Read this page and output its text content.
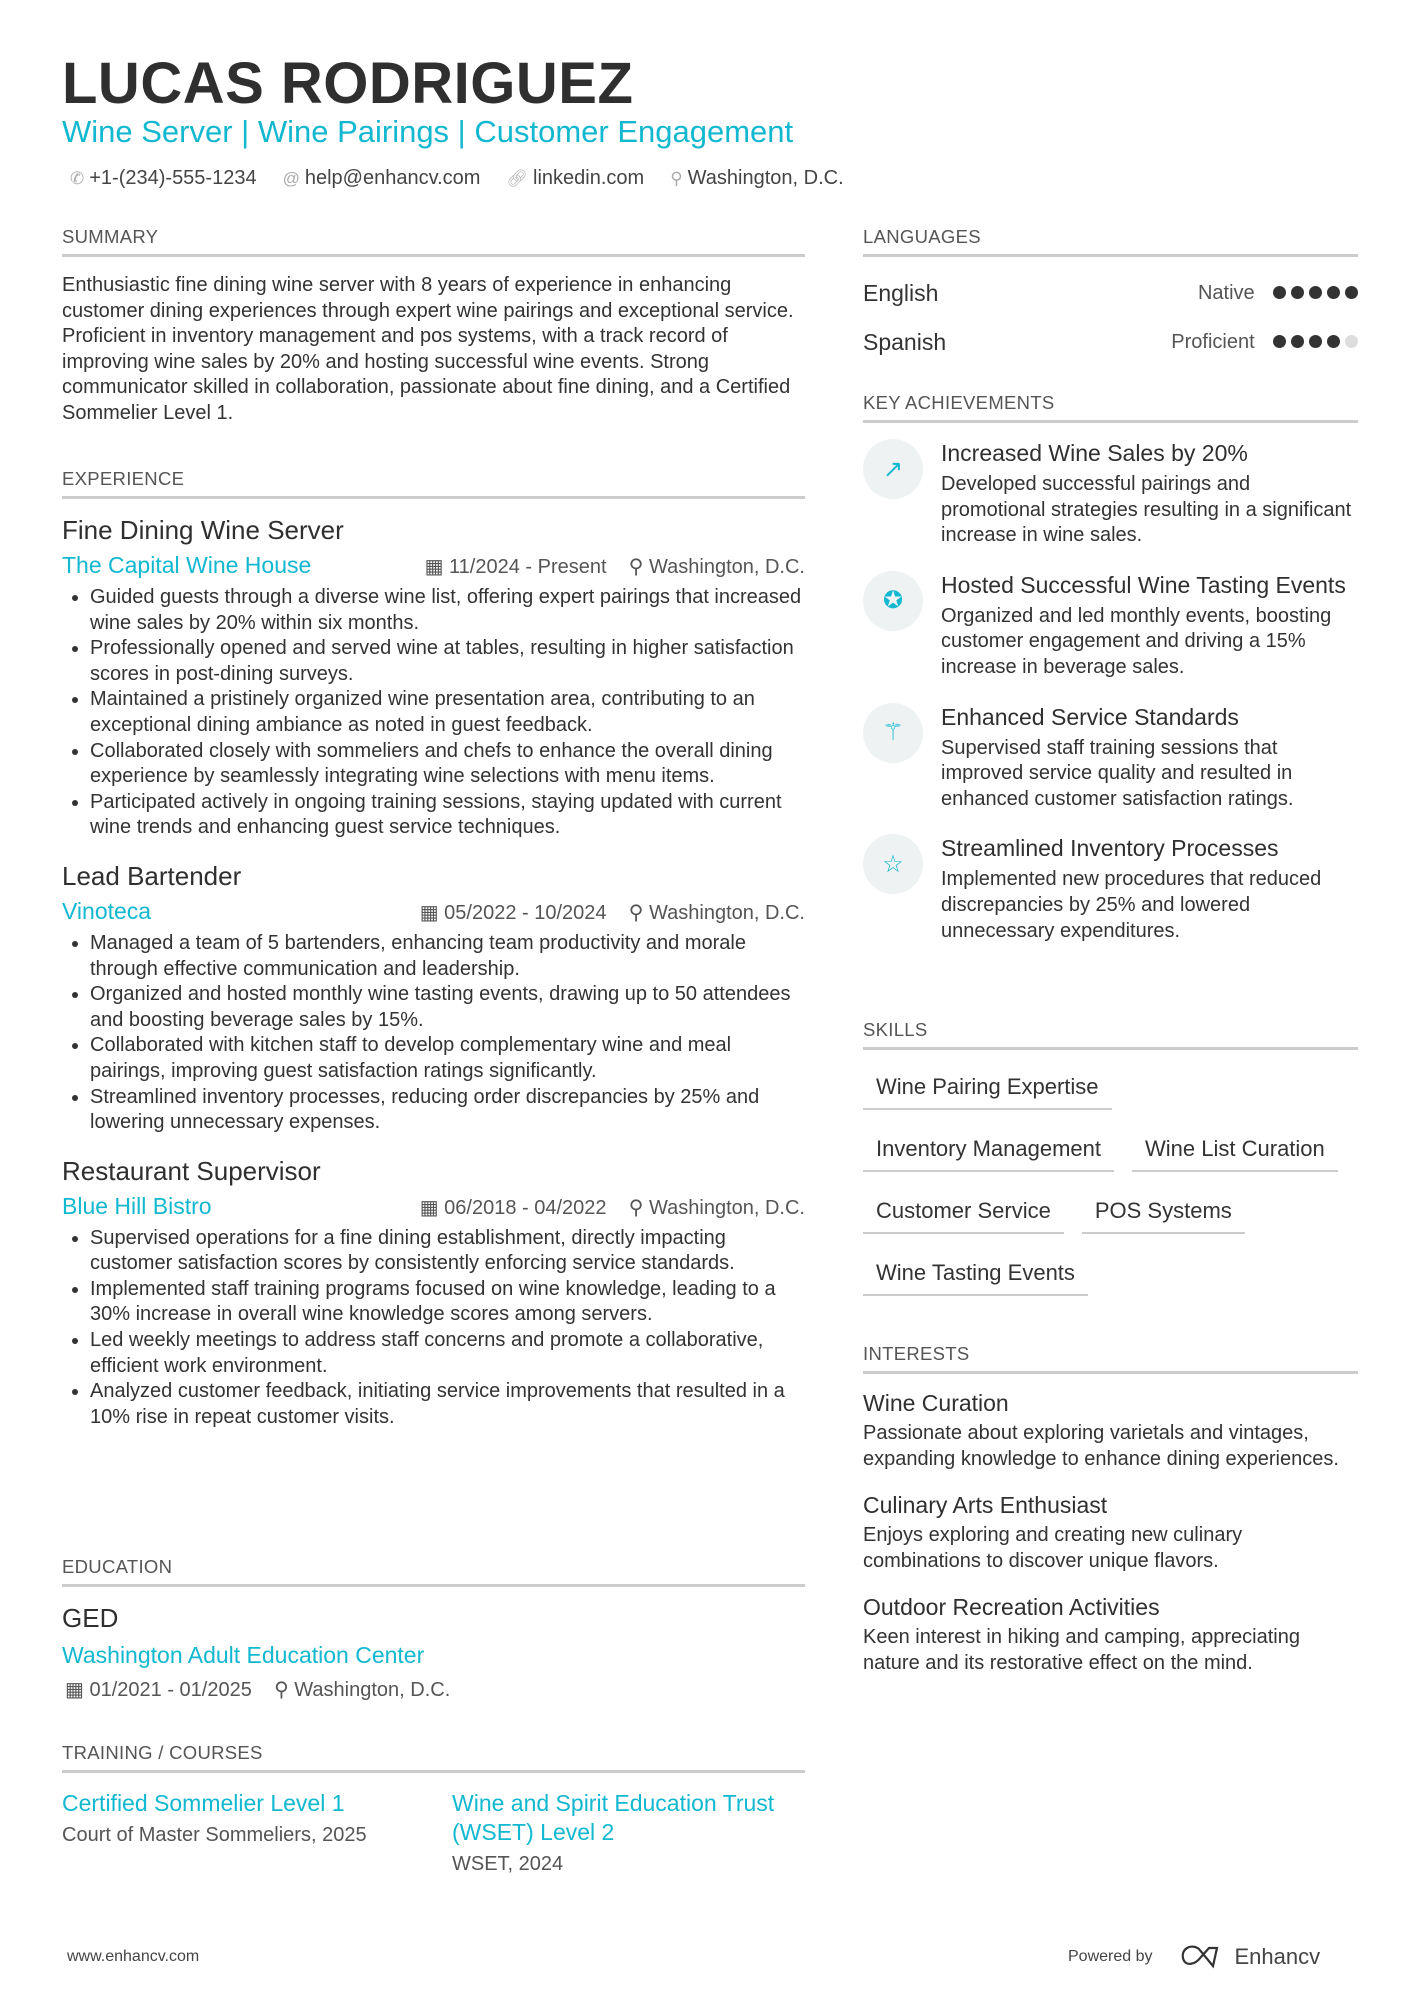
LUCAS RODRIGUEZ
Wine Server | Wine Pairings | Customer Engagement
✆ +1-(234)-555-1234 @ help@enhancv.com 🔗︎ linkedin.com ⚲ Washington, D.C.
SUMMARY
Enthusiastic fine dining wine server with 8 years of experience in enhancing customer dining experiences through expert wine pairings and exceptional service. Proficient in inventory management and pos systems, with a track record of improving wine sales by 20% and hosting successful wine events. Strong communicator skilled in collaboration, passionate about fine dining, and a Certified Sommelier Level 1.
EXPERIENCE
Fine Dining Wine Server
The Capital Wine House	▦ 11/2024 - Present ⚲ Washington, D.C.
• Guided guests through a diverse wine list, offering expert pairings that increased wine sales by 20% within six months.
• Professionally opened and served wine at tables, resulting in higher satisfaction scores in post-dining surveys.
• Maintained a pristinely organized wine presentation area, contributing to an exceptional dining ambiance as noted in guest feedback.
• Collaborated closely with sommeliers and chefs to enhance the overall dining experience by seamlessly integrating wine selections with menu items.
• Participated actively in ongoing training sessions, staying updated with current wine trends and enhancing guest service techniques.
Lead Bartender
Vinoteca	▦ 05/2022 - 10/2024 ⚲ Washington, D.C.
• Managed a team of 5 bartenders, enhancing team productivity and morale through effective communication and leadership.
• Organized and hosted monthly wine tasting events, drawing up to 50 attendees and boosting beverage sales by 15%.
• Collaborated with kitchen staff to develop complementary wine and meal pairings, improving guest satisfaction ratings significantly.
• Streamlined inventory processes, reducing order discrepancies by 25% and lowering unnecessary expenses.
Restaurant Supervisor
Blue Hill Bistro	▦ 06/2018 - 04/2022 ⚲ Washington, D.C.
• Supervised operations for a fine dining establishment, directly impacting customer satisfaction scores by consistently enforcing service standards.
• Implemented staff training programs focused on wine knowledge, leading to a 30% increase in overall wine knowledge scores among servers.
• Led weekly meetings to address staff concerns and promote a collaborative, efficient work environment.
• Analyzed customer feedback, initiating service improvements that resulted in a 10% rise in repeat customer visits.
EDUCATION
GED
Washington Adult Education Center
▦ 01/2021 - 01/2025 ⚲ Washington, D.C.
TRAINING / COURSES
Certified Sommelier Level 1
Court of Master Sommeliers, 2025
Wine and Spirit Education Trust (WSET) Level 2
WSET, 2024
LANGUAGES
English	Native
Spanish	Proficient
KEY ACHIEVEMENTS
↗
Increased Wine Sales by 20%
Developed successful pairings and promotional strategies resulting in a significant increase in wine sales.
✪
Hosted Successful Wine Tasting Events
Organized and led monthly events, boosting customer engagement and driving a 15% increase in beverage sales.
⚚
Enhanced Service Standards
Supervised staff training sessions that improved service quality and resulted in enhanced customer satisfaction ratings.
☆
Streamlined Inventory Processes
Implemented new procedures that reduced discrepancies by 25% and lowered unnecessary expenditures.
SKILLS
Wine Pairing Expertise
Inventory Management	Wine List Curation
Customer Service	POS Systems
Wine Tasting Events
INTERESTS
Wine Curation
Passionate about exploring varietals and vintages, expanding knowledge to enhance dining experiences.
Culinary Arts Enthusiast
Enjoys exploring and creating new culinary combinations to discover unique flavors.
Outdoor Recreation Activities
Keen interest in hiking and camping, appreciating nature and its restorative effect on the mind.
www.enhancv.com	Powered by	Enhancv
